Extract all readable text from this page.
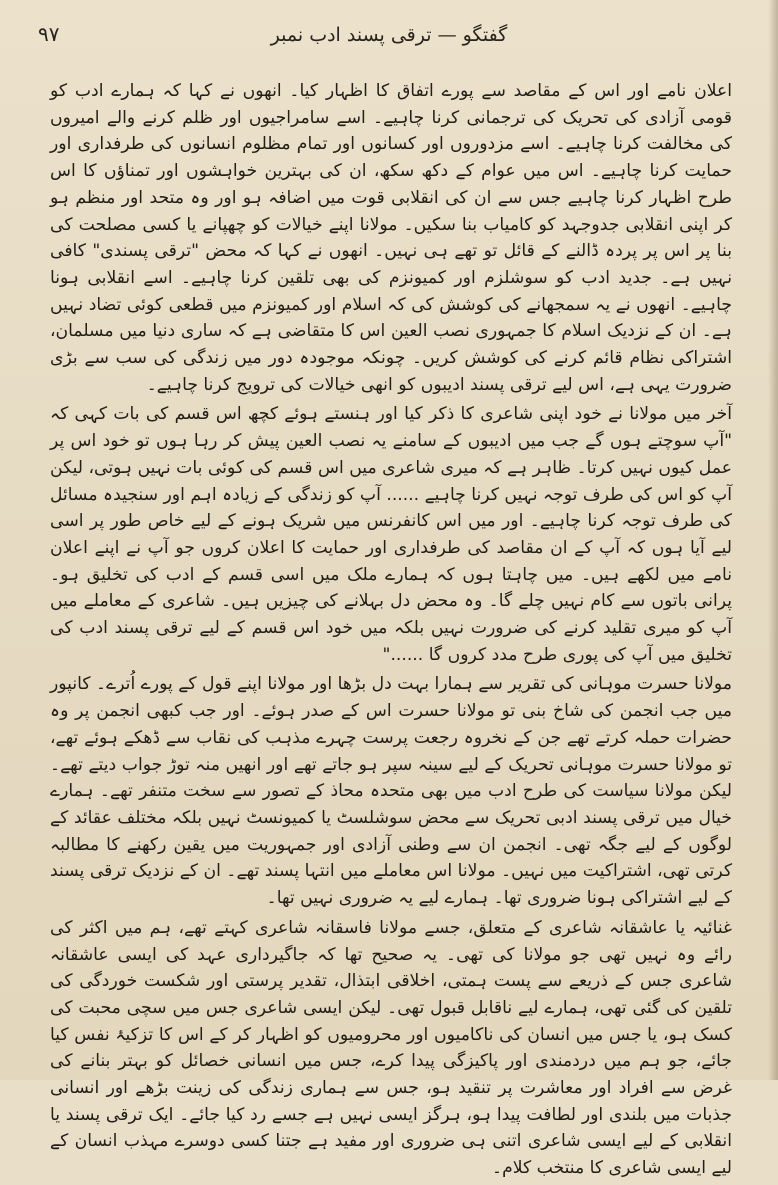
گفتگو — ترقی پسند ادب نمبر
۹۷

اعلان نامے اور اس کے مقاصد سے پورے اتفاق کا اظہار کیا۔ انھوں نے کہا کہ ہمارے ادب کو قومی آزادی کی تحریک کی ترجمانی کرنا چاہیے۔ اسے سامراجیوں اور ظلم کرنے والے امیروں کی مخالفت کرنا چاہیے۔ اسے مزدوروں اور کسانوں اور تمام مظلوم انسانوں کی طرفداری اور حمایت کرنا چاہیے۔ اس میں عوام کے دکھ سکھ، ان کی بہترین خواہشوں اور تمناؤں کا اس طرح اظہار کرنا چاہیے جس سے ان کی انقلابی قوت میں اضافہ ہو اور وہ متحد اور منظم ہو کر اپنی انقلابی جدوجہد کو کامیاب بنا سکیں۔ مولانا اپنے خیالات کو چھپانے یا کسی مصلحت کی بنا پر اس پر پردہ ڈالنے کے قائل تو تھے ہی نہیں۔ انھوں نے کہا کہ محض "ترقی پسندی" کافی نہیں ہے۔ جدید ادب کو سوشلزم اور کمیونزم کی بھی تلقین کرنا چاہیے۔ اسے انقلابی ہونا چاہیے۔ انھوں نے یہ سمجھانے کی کوشش کی کہ اسلام اور کمیونزم میں قطعی کوئی تضاد نہیں ہے۔ ان کے نزدیک اسلام کا جمہوری نصب العین اس کا متقاضی ہے کہ ساری دنیا میں مسلمان، اشتراکی نظام قائم کرنے کی کوشش کریں۔ چونکہ موجودہ دور میں زندگی کی سب سے بڑی ضرورت یہی ہے، اس لیے ترقی پسند ادیبوں کو انھی خیالات کی ترویج کرنا چاہیے۔

آخر میں مولانا نے خود اپنی شاعری کا ذکر کیا اور ہنستے ہوئے کچھ اس قسم کی بات کہی کہ "آپ سوچتے ہوں گے جب میں ادیبوں کے سامنے یہ نصب العین پیش کر رہا ہوں تو خود اس پر عمل کیوں نہیں کرتا۔ ظاہر ہے کہ میری شاعری میں اس قسم کی کوئی بات نہیں ہوتی، لیکن آپ کو اس کی طرف توجہ نہیں کرنا چاہیے ...... آپ کو زندگی کے زیادہ اہم اور سنجیدہ مسائل کی طرف توجہ کرنا چاہیے۔ اور میں اس کانفرنس میں شریک ہونے کے لیے خاص طور پر اسی لیے آیا ہوں کہ آپ کے ان مقاصد کی طرفداری اور حمایت کا اعلان کروں جو آپ نے اپنے اعلان نامے میں لکھے ہیں۔ میں چاہتا ہوں کہ ہمارے ملک میں اسی قسم کے ادب کی تخلیق ہو۔ پرانی باتوں سے کام نہیں چلے گا۔ وہ محض دل بہلانے کی چیزیں ہیں۔ شاعری کے معاملے میں آپ کو میری تقلید کرنے کی ضرورت نہیں بلکہ میں خود اس قسم کے لیے ترقی پسند ادب کی تخلیق میں آپ کی پوری طرح مدد کروں گا ......"

مولانا حسرت موہانی کی تقریر سے ہمارا بہت دل بڑھا اور مولانا اپنے قول کے پورے اُترے۔ کانپور میں جب انجمن کی شاخ بنی تو مولانا حسرت اس کے صدر ہوئے۔ اور جب کبھی انجمن پر وہ حضرات حملہ کرتے تھے جن کے نخروہ رجعت پرست چہرے مذہب کی نقاب سے ڈھکے ہوئے تھے، تو مولانا حسرت موہانی تحریک کے لیے سینہ سپر ہو جاتے تھے اور انھیں منہ توڑ جواب دیتے تھے۔ لیکن مولانا سیاست کی طرح ادب میں بھی متحدہ محاذ کے تصور سے سخت متنفر تھے۔ ہمارے خیال میں ترقی پسند ادبی تحریک سے محض سوشلسٹ یا کمیونسٹ نہیں بلکہ مختلف عقائد کے لوگوں کے لیے جگہ تھی۔ انجمن ان سے وطنی آزادی اور جمہوریت میں یقین رکھنے کا مطالبہ کرتی تھی، اشتراکیت میں نہیں۔ مولانا اس معاملے میں انتہا پسند تھے۔ ان کے نزدیک ترقی پسند کے لیے اشتراکی ہونا ضروری تھا۔ ہمارے لیے یہ ضروری نہیں تھا۔

غنائیہ یا عاشقانہ شاعری کے متعلق، جسے مولانا فاسقانہ شاعری کہتے تھے، ہم میں اکثر کی رائے وہ نہیں تھی جو مولانا کی تھی۔ یہ صحیح تھا کہ جاگیرداری عہد کی ایسی عاشقانہ شاعری جس کے ذریعے سے پست ہمتی، اخلاقی ابتذال، تقدیر پرستی اور شکست خوردگی کی تلقین کی گئی تھی، ہمارے لیے ناقابل قبول تھی۔ لیکن ایسی شاعری جس میں سچی محبت کی کسک ہو، یا جس میں انسان کی ناکامیوں اور محرومیوں کو اظہار کر کے اس کا تزکیۂ نفس کیا جائے، جو ہم میں دردمندی اور پاکیزگی پیدا کرے، جس میں انسانی خصائل کو بہتر بنانے کی غرض سے افراد اور معاشرت پر تنقید ہو، جس سے ہماری زندگی کی زینت بڑھے اور انسانی جذبات میں بلندی اور لطافت پیدا ہو، ہرگز ایسی نہیں ہے جسے رد کیا جائے۔ ایک ترقی پسند یا انقلابی کے لیے ایسی شاعری اتنی ہی ضروری اور مفید ہے جتنا کسی دوسرے مہذب انسان کے لیے ایسی شاعری کا منتخب کلام۔
